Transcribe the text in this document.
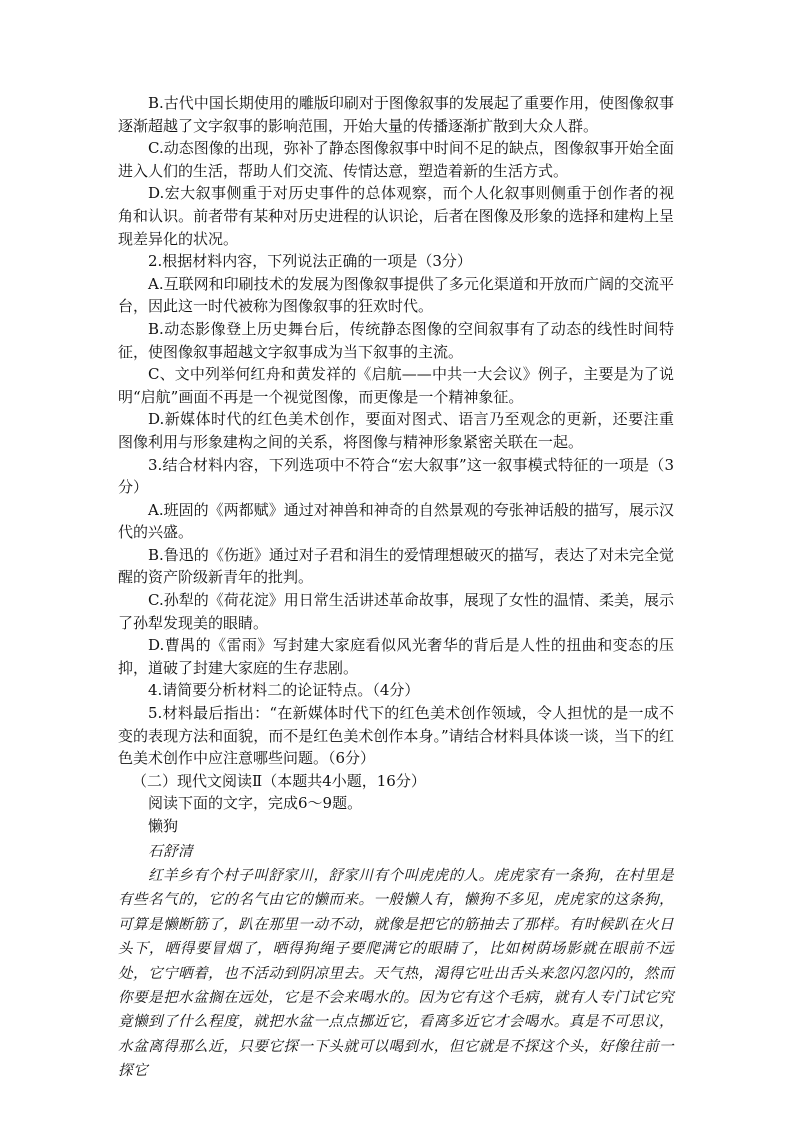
B.古代中国长期使用的雕版印刷对于图像叙事的发展起了重要作用，使图像叙事逐渐超越了文字叙事的影响范围，开始大量的传播逐渐扩散到大众人群。

C.动态图像的出现，弥补了静态图像叙事中时间不足的缺点，图像叙事开始全面进入人们的生活，帮助人们交流、传情达意，塑造着新的生活方式。

D.宏大叙事侧重于对历史事件的总体观察，而个人化叙事则侧重于创作者的视角和认识。前者带有某种对历史进程的认识论，后者在图像及形象的选择和建构上呈现差异化的状况。

2.根据材料内容，下列说法正确的一项是（3分）

A.互联网和印刷技术的发展为图像叙事提供了多元化渠道和开放而广阔的交流平台，因此这一时代被称为图像叙事的狂欢时代。

B.动态影像登上历史舞台后，传统静态图像的空间叙事有了动态的线性时间特征，使图像叙事超越文字叙事成为当下叙事的主流。

C、文中列举何红舟和黄发祥的《启航——中共一大会议》例子，主要是为了说明“启航”画面不再是一个视觉图像，而更像是一个精神象征。

D.新媒体时代的红色美术创作，要面对图式、语言乃至观念的更新，还要注重图像利用与形象建构之间的关系，将图像与精神形象紧密关联在一起。

3.结合材料内容，下列选项中不符合“宏大叙事”这一叙事模式特征的一项是（3分）

A.班固的《两都赋》通过对神兽和神奇的自然景观的夸张神话般的描写，展示汉代的兴盛。

B.鲁迅的《伤逝》通过对子君和涓生的爱情理想破灭的描写，表达了对未完全觉醒的资产阶级新青年的批判。

C.孙犁的《荷花淀》用日常生活讲述革命故事，展现了女性的温情、柔美，展示了孙犁发现美的眼睛。

D.曹禺的《雷雨》写封建大家庭看似风光奢华的背后是人性的扭曲和变态的压抑，道破了封建大家庭的生存悲剧。

4.请简要分析材料二的论证特点。（4分）

5.材料最后指出：“在新媒体时代下的红色美术创作领域，令人担忧的是一成不变的表现方法和面貌，而不是红色美术创作本身。”请结合材料具体谈一谈，当下的红色美术创作中应注意哪些问题。（6分）

（二）现代文阅读Ⅱ（本题共4小题，16分）

阅读下面的文字，完成6～9题。

懒狗

石舒清

红羊乡有个村子叫舒家川，舒家川有个叫虎虎的人。虎虎家有一条狗，在村里是有些名气的，它的名气由它的懒而来。一般懒人有，懒狗不多见，虎虎家的这条狗，可算是懒断筋了，趴在那里一动不动，就像是把它的筋抽去了那样。有时候趴在火日头下，晒得要冒烟了，晒得狗绳子要爬满它的眼睛了，比如树荫场影就在眼前不远处，它宁晒着，也不活动到阴凉里去。天气热，渴得它吐出舌头来忽闪忽闪的，然而你要是把水盆搁在远处，它是不会来喝水的。因为它有这个毛病，就有人专门试它究竟懒到了什么程度，就把水盆一点点挪近它，看离多近它才会喝水。真是不可思议，水盆离得那么近，只要它探一下头就可以喝到水，但它就是不探这个头，好像往前一探它
